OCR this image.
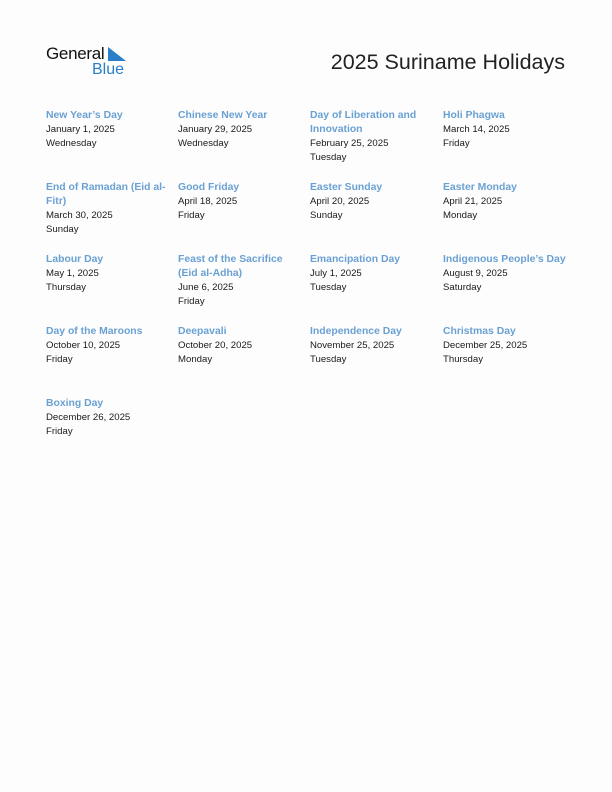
General
Blue	2025 Suriname Holidays
New Year’s Day
January 1, 2025
Wednesday
Chinese New Year
January 29, 2025
Wednesday
Day of Liberation and Innovation
February 25, 2025
Tuesday
Holi Phagwa
March 14, 2025
Friday
End of Ramadan (Eid al-Fitr)
March 30, 2025
Sunday
Good Friday
April 18, 2025
Friday
Easter Sunday
April 20, 2025
Sunday
Easter Monday
April 21, 2025
Monday
Labour Day
May 1, 2025
Thursday
Feast of the Sacrifice (Eid al-Adha)
June 6, 2025
Friday
Emancipation Day
July 1, 2025
Tuesday
Indigenous People’s Day
August 9, 2025
Saturday
Day of the Maroons
October 10, 2025
Friday
Deepavali
October 20, 2025
Monday
Independence Day
November 25, 2025
Tuesday
Christmas Day
December 25, 2025
Thursday
Boxing Day
December 26, 2025
Friday
